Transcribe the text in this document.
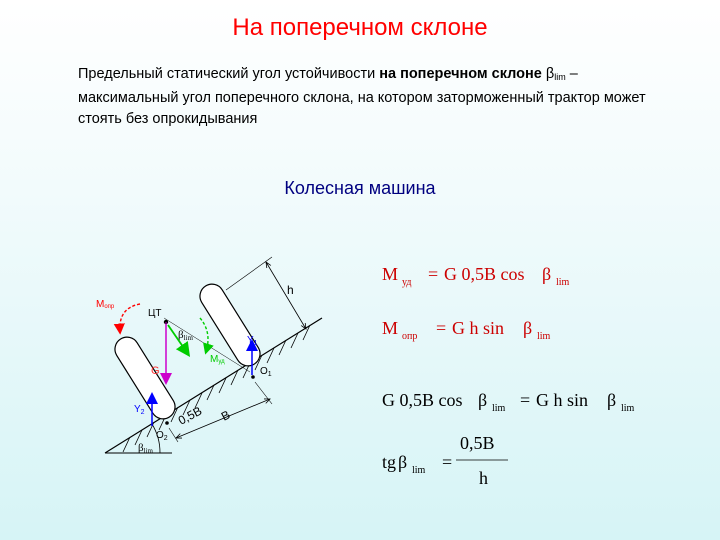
На поперечном склоне
Предельный статический угол устойчивости на поперечном склоне $\beta_{lim}$ – максимальный угол поперечного склона, на котором заторможенный трактор может стоять без опрокидывания
Колесная машина
βlim
ЦТ
βlim
G
Mопр
Mуд
$Y_1$
$Y_2$
$O_1$
$O_2$
h
0,5B B
M уд = G 0,5B cos β lim
M опр = G h sin β lim
G 0,5B cos β lim = G h sin β lim
tg β lim =
0,5B
h
